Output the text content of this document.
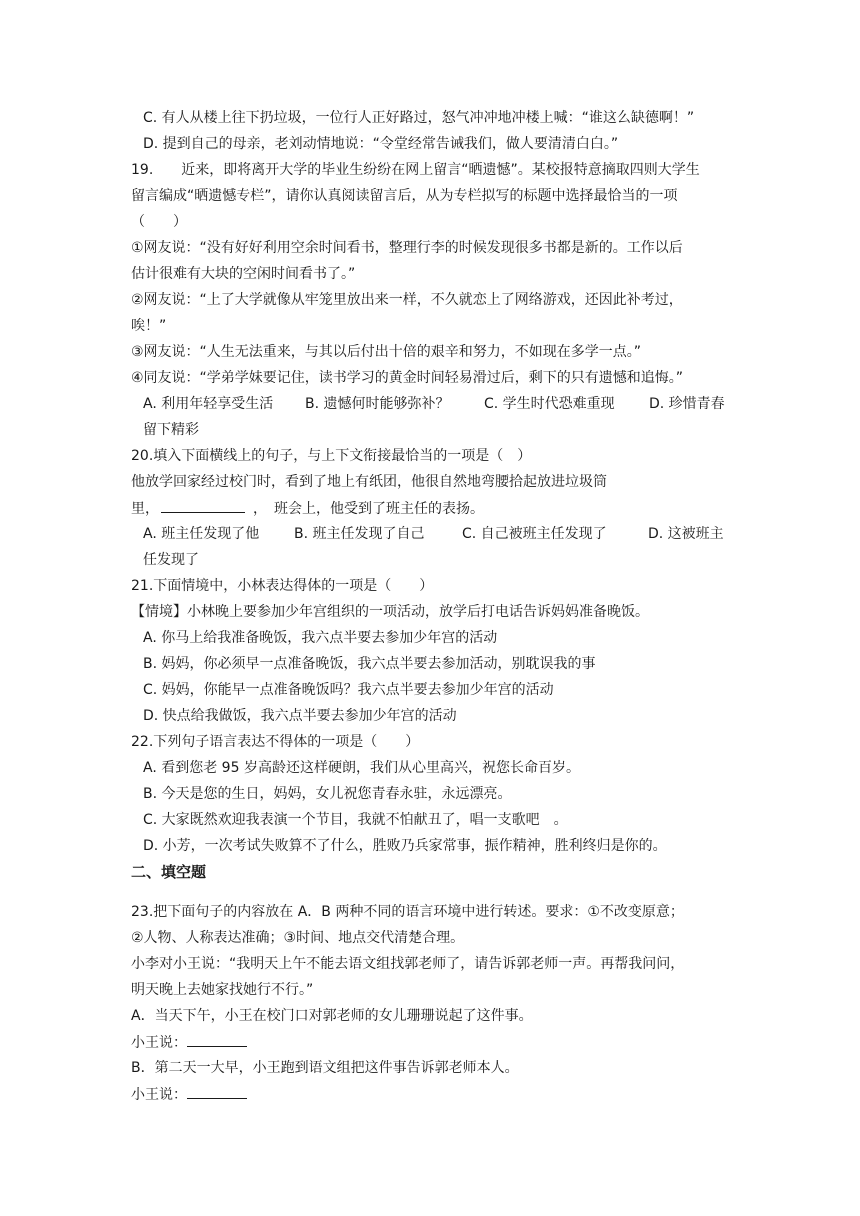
C. 有人从楼上往下扔垃圾，一位行人正好路过，怒气冲冲地冲楼上喊：“谁这么缺德啊！”
D. 提到自己的母亲，老刘动情地说：“令堂经常告诫我们，做人要清清白白。”
19.　　近来，即将离开大学的毕业生纷纷在网上留言“晒遗憾”。某校报特意摘取四则大学生
留言编成“晒遗憾专栏”，请你认真阅读留言后，从为专栏拟写的标题中选择最恰当的一项
（　　）
①网友说：“没有好好利用空余时间看书，整理行李的时候发现很多书都是新的。工作以后
估计很难有大块的空闲时间看书了。”
②网友说：“上了大学就像从牢笼里放出来一样，不久就恋上了网络游戏，还因此补考过，
唉！”
③网友说：“人生无法重来，与其以后付出十倍的艰辛和努力，不如现在多学一点。”
④同友说：“学弟学妹要记住，读书学习的黄金时间轻易滑过后，剩下的只有遗憾和追悔。”
A. 利用年轻享受生活 B. 遗憾何时能够弥补？ C. 学生时代恐难重现 D. 珍惜青春
留下精彩
20.填入下面横线上的句子，与上下文衔接最恰当的一项是（　）
他放学回家经过校门时，看到了地上有纸团，他很自然地弯腰拾起放进垃圾筒
里，	，　班会上，他受到了班主任的表扬。
A. 班主任发现了他 B. 班主任发现了自己	C. 自己被班主任发现了	D. 这被班主
任发现了
21.下面情境中，小林表达得体的一项是（　　）
【情境】小林晚上要参加少年宫组织的一项活动，放学后打电话告诉妈妈准备晚饭。
A. 你马上给我准备晚饭，我六点半要去参加少年宫的活动
B. 妈妈，你必须早一点准备晚饭，我六点半要去参加活动，别耽误我的事
C. 妈妈，你能早一点准备晚饭吗？我六点半要去参加少年宫的活动
D. 快点给我做饭，我六点半要去参加少年宫的活动
22.下列句子语言表达不得体的一项是（　　）
A. 看到您老 95 岁高龄还这样硬朗，我们从心里高兴，祝您长命百岁。
B. 今天是您的生日，妈妈，女儿祝您青春永驻，永远漂亮。
C. 大家既然欢迎我表演一个节目，我就不怕献丑了，唱一支歌吧　。
D. 小芳，一次考试失败算不了什么，胜败乃兵家常事，振作精神，胜利终归是你的。
二、填空题
23.把下面句子的内容放在 A．B 两种不同的语言环境中进行转述。要求：①不改变原意；
②人物、人称表达准确；③时间、地点交代清楚合理。
小李对小王说：“我明天上午不能去语文组找郭老师了，请告诉郭老师一声。再帮我问问，
明天晚上去她家找她行不行。”
A．当天下午，小王在校门口对郭老师的女儿珊珊说起了这件事。
小王说：
B．第二天一大早，小王跑到语文组把这件事告诉郭老师本人。
小王说：
